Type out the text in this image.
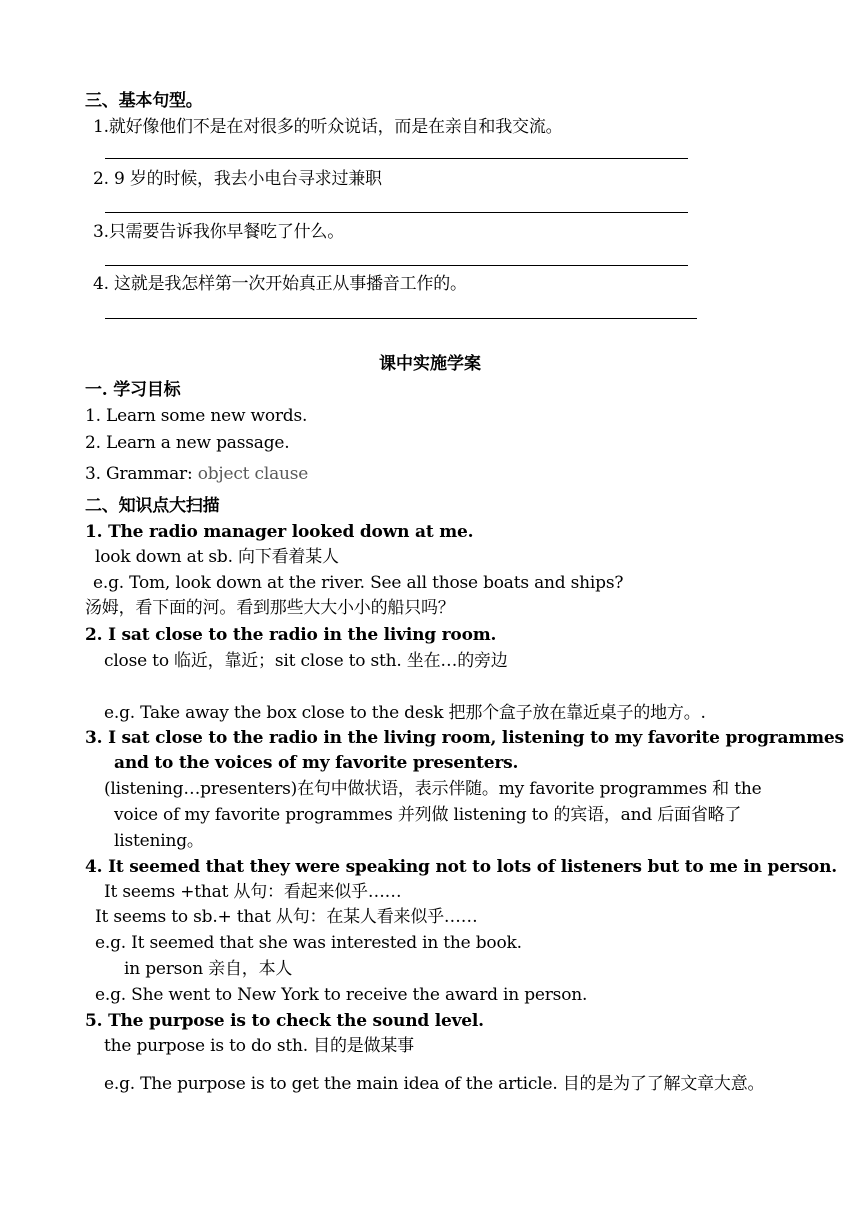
三、基本句型。
1.就好像他们不是在对很多的听众说话，而是在亲自和我交流。
2. 9 岁的时候，我去小电台寻求过兼职
3.只需要告诉我你早餐吃了什么。
4. 这就是我怎样第一次开始真正从事播音工作的。
课中实施学案
一. 学习目标
1. Learn some new words.
2. Learn a new passage.
3. Grammar: object clause
二、知识点大扫描
1. The radio manager looked down at me.
look down at sb. 向下看着某人
e.g. Tom, look down at the river. See all those boats and ships?
汤姆，看下面的河。看到那些大大小小的船只吗？
2. I sat close to the radio in the living room.
close to 临近，靠近；sit close to sth. 坐在…的旁边
e.g. Take away the box close to the desk 把那个盒子放在靠近桌子的地方。.
3. I sat close to the radio in the living room, listening to my favorite programmes
and to the voices of my favorite presenters.
(listening…presenters)在句中做状语，表示伴随。my favorite programmes 和 the
voice of my favorite programmes 并列做 listening to 的宾语，and 后面省略了
listening。
4. It seemed that they were speaking not to lots of listeners but to me in person.
It seems +that 从句：看起来似乎……
It seems to sb.+ that 从句：在某人看来似乎……
e.g. It seemed that she was interested in the book.
in person 亲自，本人
e.g. She went to New York to receive the award in person.
5. The purpose is to check the sound level.
the purpose is to do sth. 目的是做某事
e.g. The purpose is to get the main idea of the article. 目的是为了了解文章大意。
